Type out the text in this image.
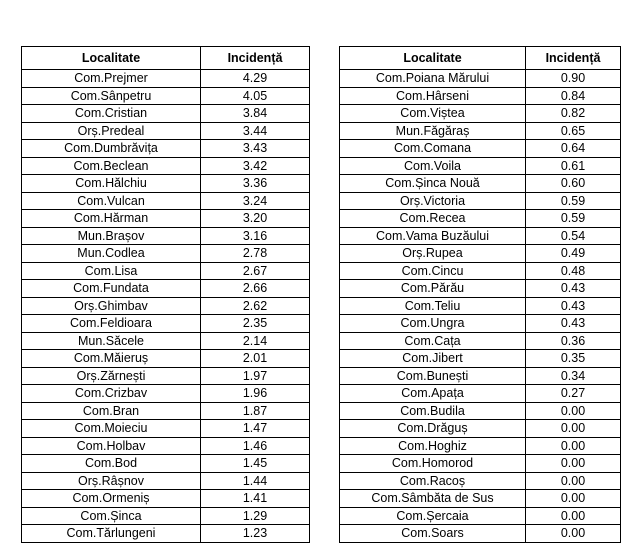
Localitate	Incidență
Com.Prejmer	4.29
Com.Sânpetru	4.05
Com.Cristian	3.84
Orș.Predeal	3.44
Com.Dumbrăvița	3.43
Com.Beclean	3.42
Com.Hălchiu	3.36
Com.Vulcan	3.24
Com.Hărman	3.20
Mun.Brașov	3.16
Mun.Codlea	2.78
Com.Lisa	2.67
Com.Fundata	2.66
Orș.Ghimbav	2.62
Com.Feldioara	2.35
Mun.Săcele	2.14
Com.Măieruș	2.01
Orș.Zărnești	1.97
Com.Crizbav	1.96
Com.Bran	1.87
Com.Moieciu	1.47
Com.Holbav	1.46
Com.Bod	1.45
Orș.Râșnov	1.44
Com.Ormeniș	1.41
Com.Șinca	1.29
Com.Tărlungeni	1.23
Localitate	Incidență
Com.Poiana Mărului	0.90
Com.Hârseni	0.84
Com.Viștea	0.82
Mun.Făgăraș	0.65
Com.Comana	0.64
Com.Voila	0.61
Com.Șinca Nouă	0.60
Orș.Victoria	0.59
Com.Recea	0.59
Com.Vama Buzăului	0.54
Orș.Rupea	0.49
Com.Cincu	0.48
Com.Părău	0.43
Com.Teliu	0.43
Com.Ungra	0.43
Com.Cața	0.36
Com.Jibert	0.35
Com.Bunești	0.34
Com.Apața	0.27
Com.Budila	0.00
Com.Drăguș	0.00
Com.Hoghiz	0.00
Com.Homorod	0.00
Com.Racoș	0.00
Com.Sâmbăta de Sus	0.00
Com.Șercaia	0.00
Com.Soars	0.00
